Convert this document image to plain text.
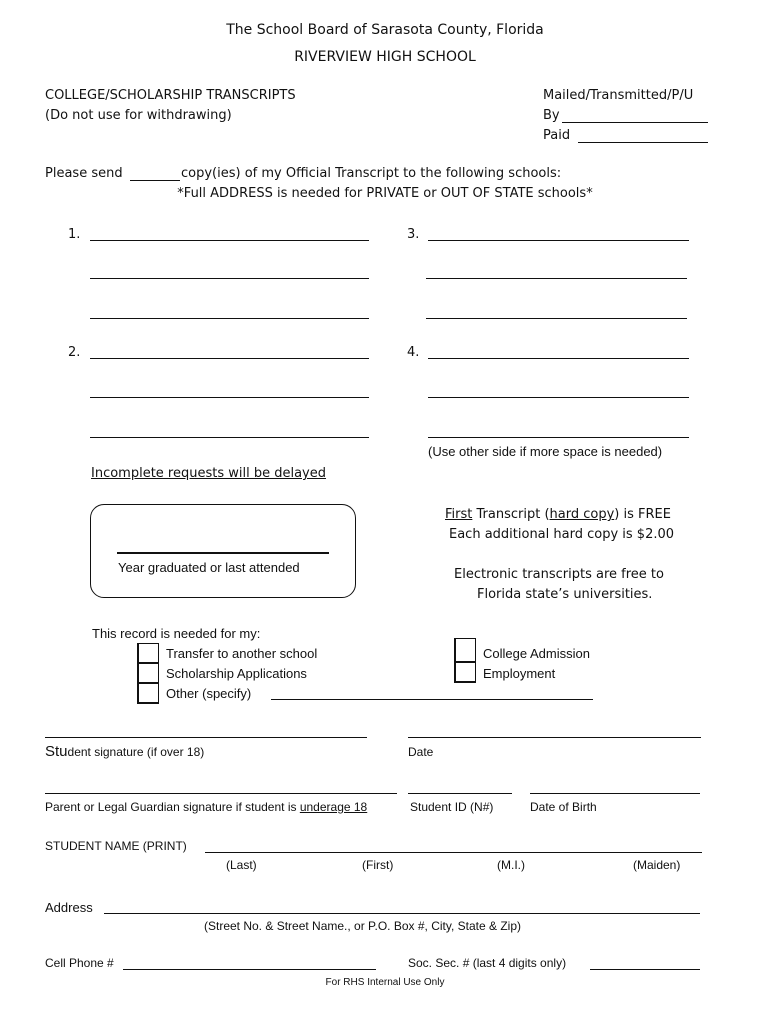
The School Board of Sarasota County, Florida
RIVERVIEW HIGH SCHOOL
COLLEGE/SCHOLARSHIP TRANSCRIPTS
(Do not use for withdrawing)
Mailed/Transmitted/P/U
By
Paid
Please send	copy(ies) of my Official Transcript to the following schools:
*Full ADDRESS is needed for PRIVATE or OUT OF STATE schools*
1.	3.
2.	4.
(Use other side if more space is needed)
Incomplete requests will be delayed
Year graduated or last attended
First Transcript (hard copy) is FREE
Each additional hard copy is $2.00
Electronic transcripts are free to
Florida state’s universities.
This record is needed for my:
Transfer to another school
Scholarship Applications
Other (specify)
College Admission
Employment
Student signature (if over 18)	Date
Parent or Legal Guardian signature if student is underage 18	Student ID (N#)	Date of Birth
STUDENT NAME (PRINT)
(Last)	(First)	(M.I.)	(Maiden)
Address
(Street No. & Street Name., or P.O. Box #, City, State & Zip)
Cell Phone #	Soc. Sec. # (last 4 digits only)
For RHS Internal Use Only
